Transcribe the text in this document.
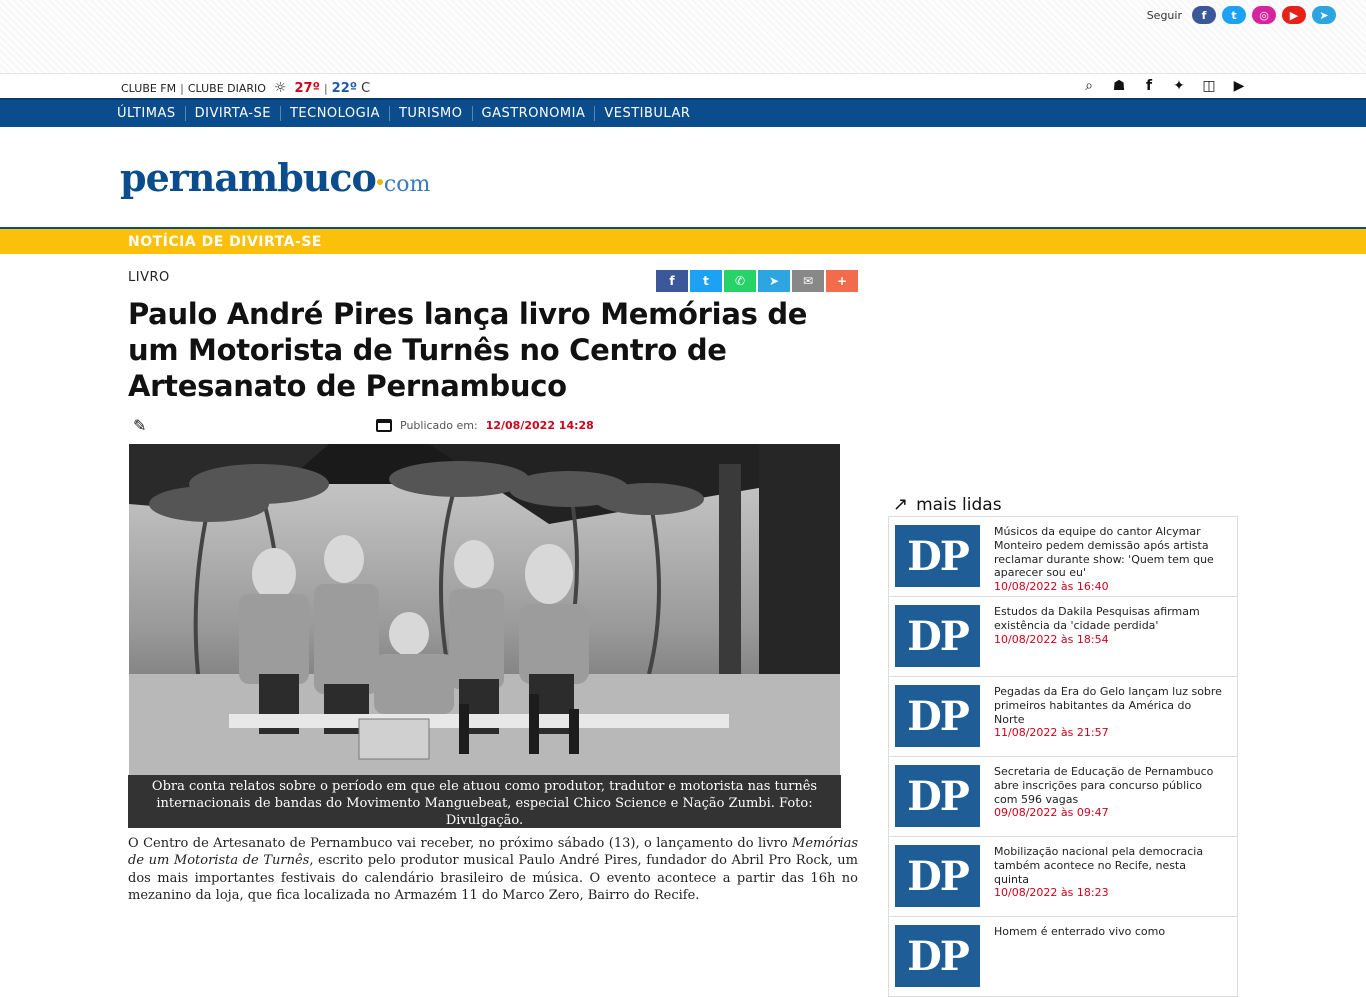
Seguir	f	t	◎	▶	➤
CLUBE FM | CLUBE DIARIO ☼ 27º | 22º C	⌕	☗	f	✦ ◫ ▶
ÚLTIMAS	DIVIRTA-SE	TECNOLOGIA	TURISMO	GASTRONOMIA	VESTIBULAR
pernambuco com
NOTÍCIA DE DIVIRTA-SE
LIVRO	f	t	✆	➤	✉	+
Paulo André Pires lança livro Memórias de um Motorista de Turnês no Centro de Artesanato de Pernambuco
✎	Publicado em: 12/08/2022 14:28
Obra conta relatos sobre o período em que ele atuou como produtor, tradutor e motorista nas turnês internacionais de bandas do Movimento Manguebeat, especial Chico Science e Nação Zumbi. Foto: Divulgação.

O Centro de Artesanato de Pernambuco vai receber, no próximo sábado (13), o lançamento do livro Memórias de um Motorista de Turnês, escrito pelo produtor musical Paulo André Pires, fundador do Abril Pro Rock, um dos mais importantes festivais do calendário brasileiro de música. O evento acontece a partir das 16h no mezanino da loja, que fica localizada no Armazém 11 do Marco Zero, Bairro do Recife.

↗ mais lidas
DP
Músicos da equipe do cantor Alcymar Monteiro pedem demissão após artista reclamar durante show: 'Quem tem que aparecer sou eu'
10/08/2022 às 16:40
DP
Estudos da Dakila Pesquisas afirmam existência da 'cidade perdida'
10/08/2022 às 18:54
DP
Pegadas da Era do Gelo lançam luz sobre primeiros habitantes da América do Norte
11/08/2022 às 21:57
DP
Secretaria de Educação de Pernambuco abre inscrições para concurso público com 596 vagas
09/08/2022 às 09:47
DP
Mobilização nacional pela democracia também acontece no Recife, nesta quinta
10/08/2022 às 18:23
DP
Homem é enterrado vivo como
